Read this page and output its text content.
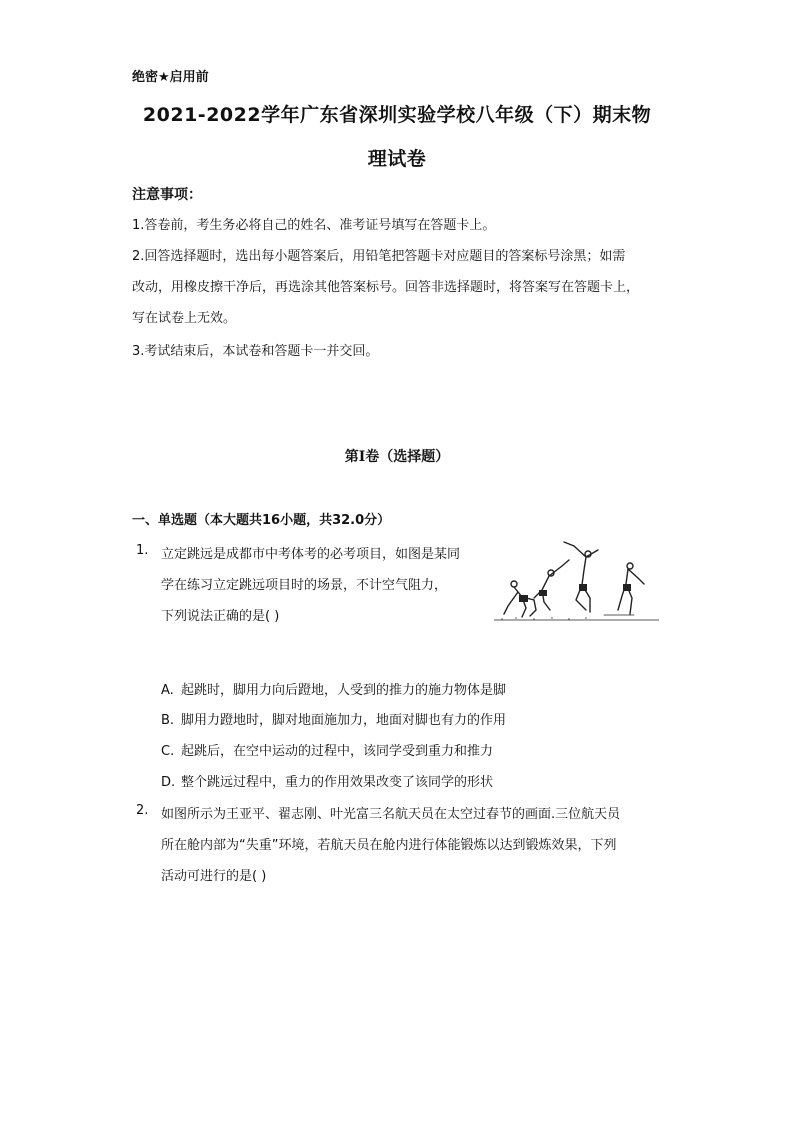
绝密★启用前
2021-2022学年广东省深圳实验学校八年级（下）期末物
理试卷
注意事项：
1.答卷前，考生务必将自己的姓名、准考证号填写在答题卡上。
2.回答选择题时，选出每小题答案后，用铅笔把答题卡对应题目的答案标号涂黑；如需
改动，用橡皮擦干净后，再选涂其他答案标号。回答非选择题时，将答案写在答题卡上，
写在试卷上无效。
3.考试结束后，本试卷和答题卡一并交回。
第I卷（选择题）
一、单选题（本大题共16小题，共32.0分）
1. 立定跳远是成都市中考体考的必考项目，如图是某同
学在练习立定跳远项目时的场景，不计空气阻力，
下列说法正确的是( )
A. 起跳时，脚用力向后蹬地，人受到的推力的施力物体是脚
B. 脚用力蹬地时，脚对地面施加力，地面对脚也有力的作用
C. 起跳后，在空中运动的过程中，该同学受到重力和推力
D. 整个跳远过程中，重力的作用效果改变了该同学的形状
2. 如图所示为王亚平、翟志刚、叶光富三名航天员在太空过春节的画面.三位航天员
所在舱内部为“失重”环境，若航天员在舱内进行体能锻炼以达到锻炼效果，下列
活动可进行的是( )
